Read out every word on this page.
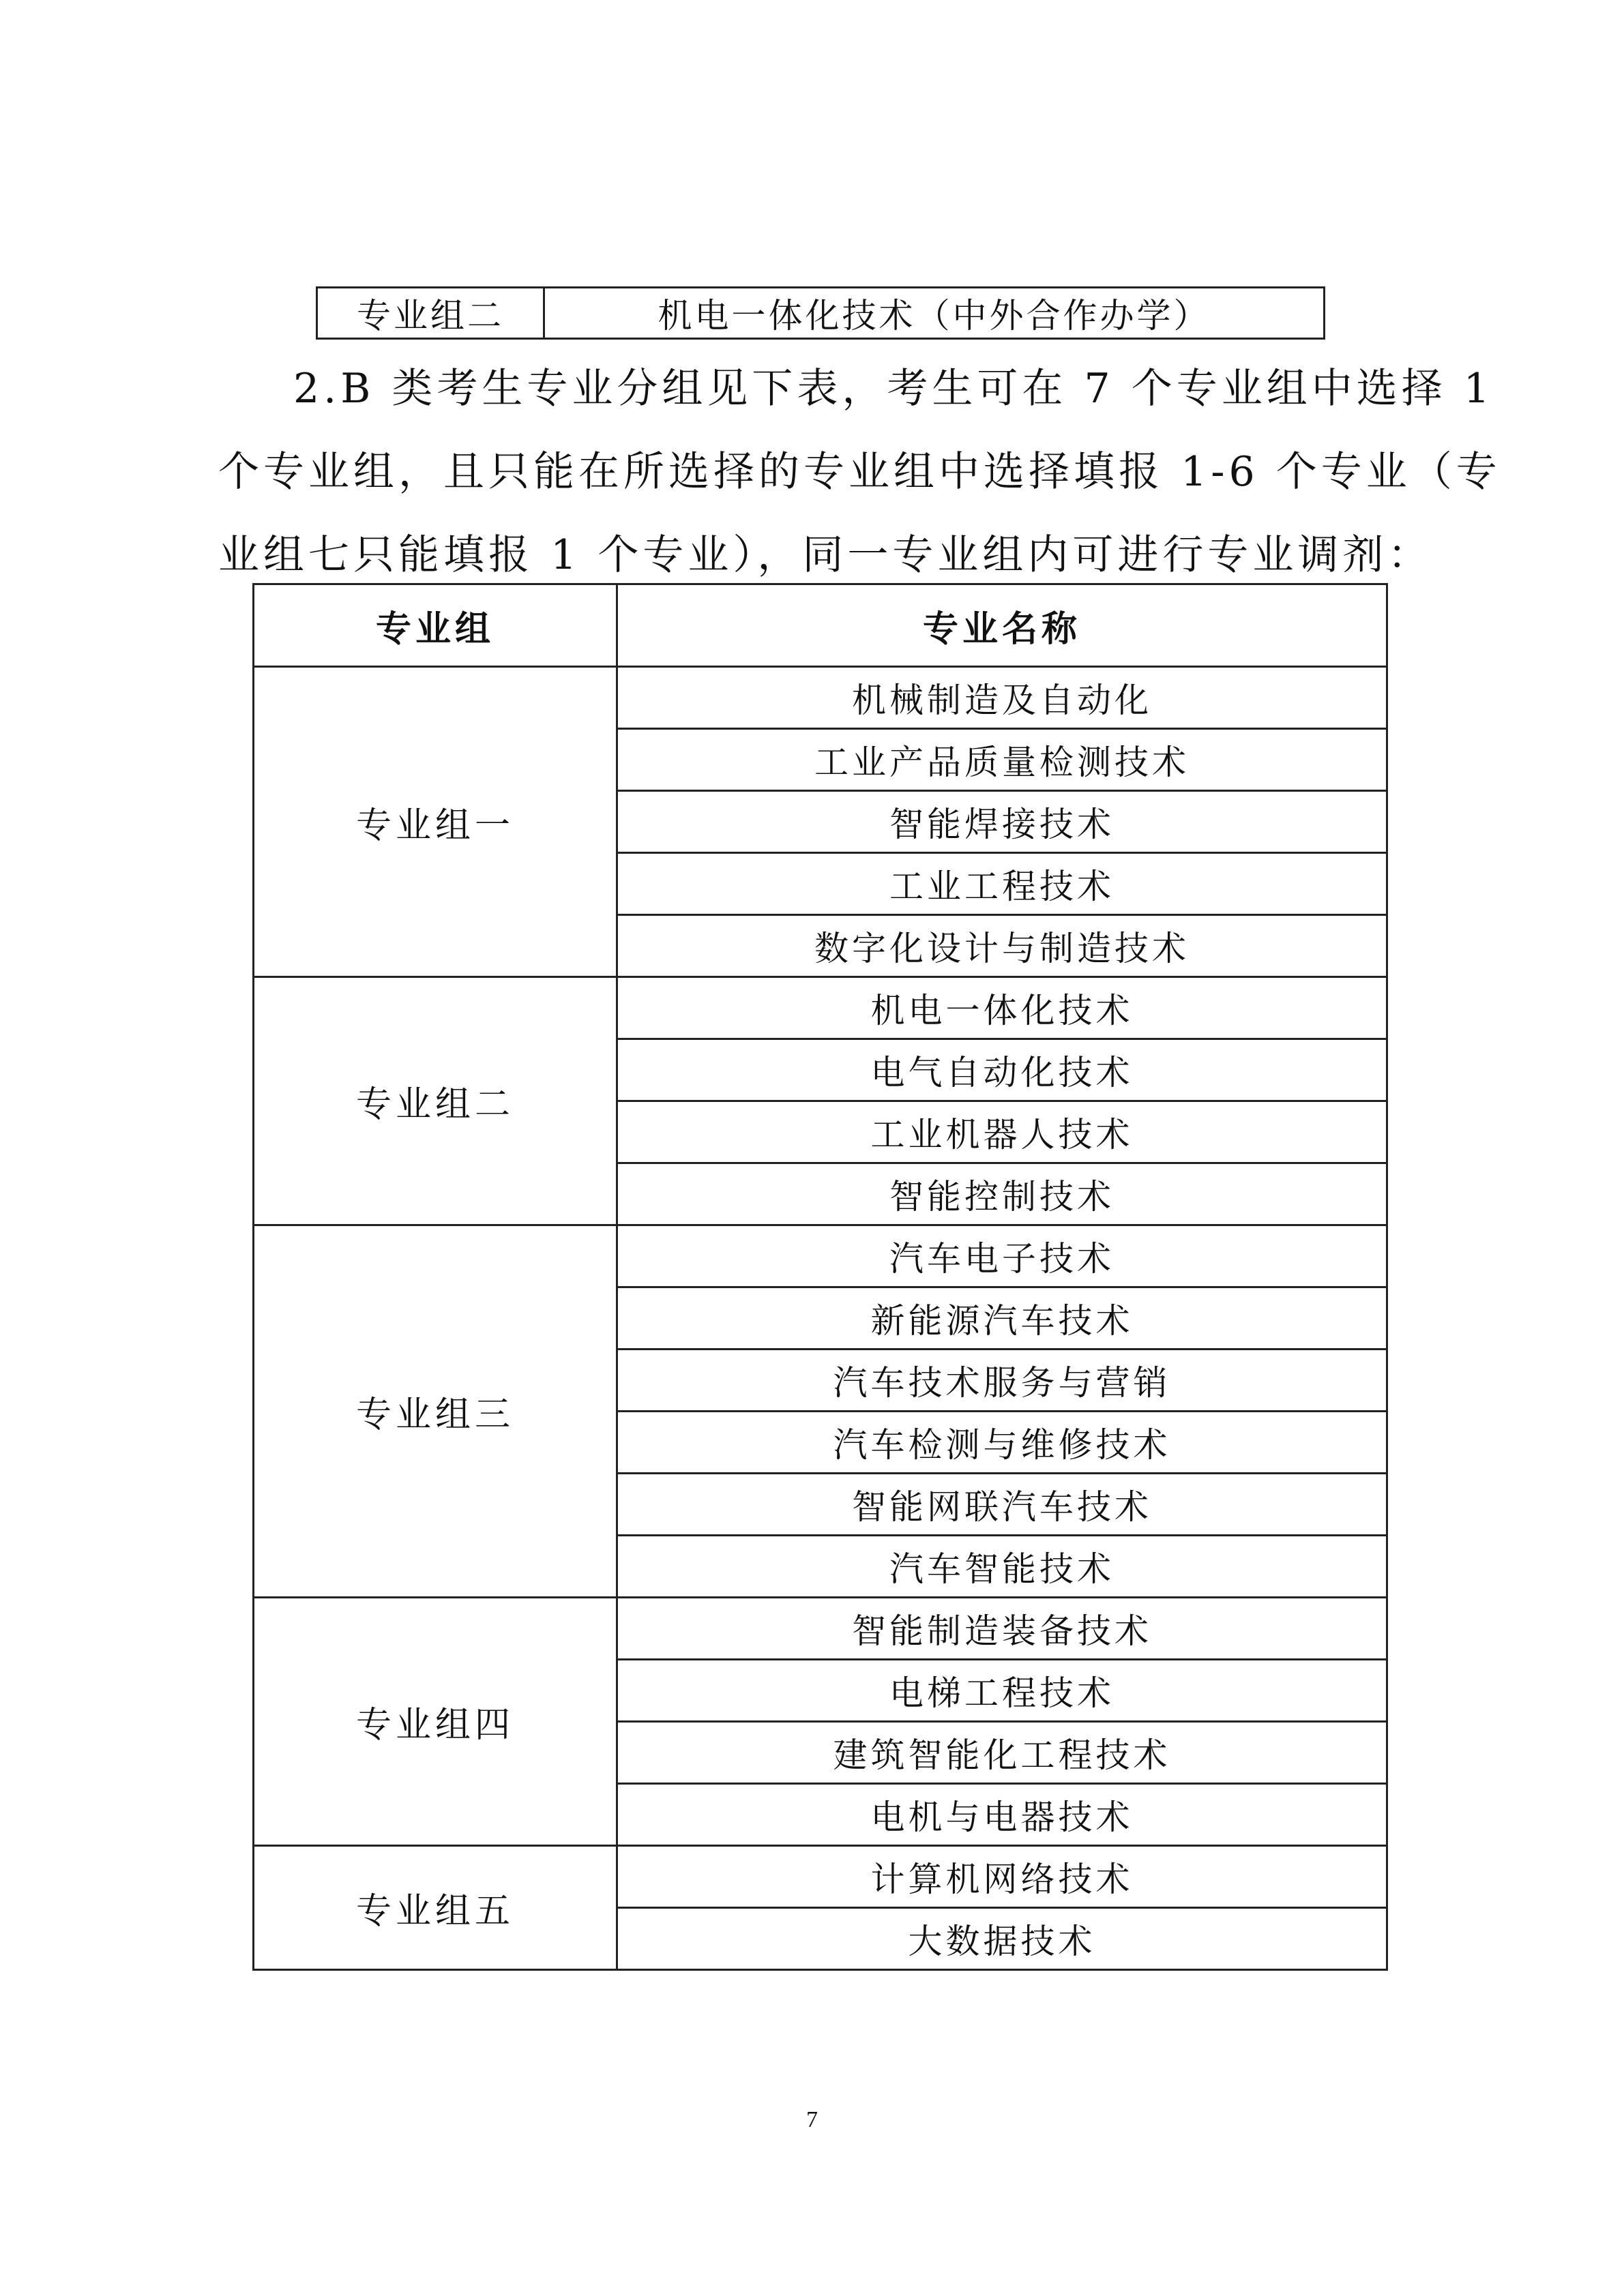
专业组二	机电一体化技术（中外合作办学）
2.B 类考生专业分组见下表，考生可在 7 个专业组中选择 1
个专业组，且只能在所选择的专业组中选择填报 1-6 个专业（专
业组七只能填报 1 个专业），同一专业组内可进行专业调剂：
专业组	专业名称
专业组一	机械制造及自动化
	工业产品质量检测技术
	智能焊接技术
	工业工程技术
	数字化设计与制造技术
专业组二	机电一体化技术
	电气自动化技术
	工业机器人技术
	智能控制技术
专业组三	汽车电子技术
	新能源汽车技术
	汽车技术服务与营销
	汽车检测与维修技术
	智能网联汽车技术
	汽车智能技术
专业组四	智能制造装备技术
	电梯工程技术
	建筑智能化工程技术
	电机与电器技术
专业组五	计算机网络技术
	大数据技术
7
